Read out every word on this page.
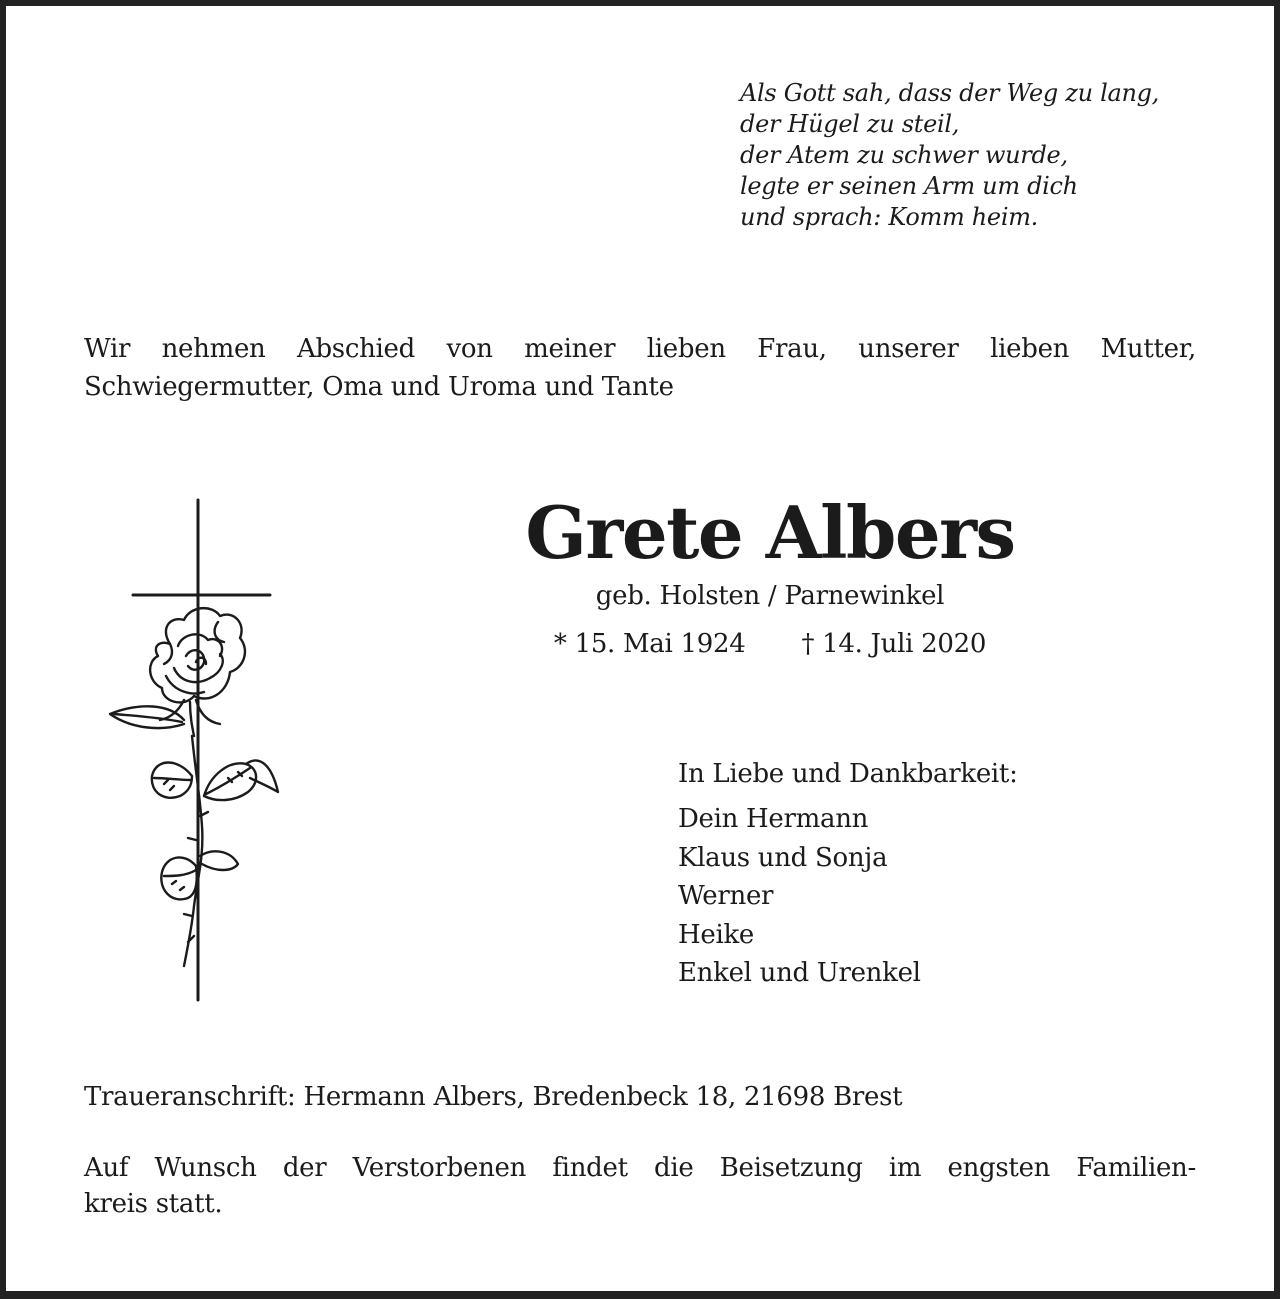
Als Gott sah, dass der Weg zu lang,
der Hügel zu steil,
der Atem zu schwer wurde,
legte er seinen Arm um dich
und sprach: Komm heim.
Wir nehmen Abschied von meiner lieben Frau, unserer lieben Mutter,
Schwiegermutter, Oma und Uroma und Tante
Grete Albers
geb. Holsten / Parnewinkel
* 15. Mai 1924 † 14. Juli 2020
In Liebe und Dankbarkeit:
Dein Hermann
Klaus und Sonja
Werner
Heike
Enkel und Urenkel
Traueranschrift: Hermann Albers, Bredenbeck 18, 21698 Brest
Auf Wunsch der Verstorbenen findet die Beisetzung im engsten Familien-
kreis statt.
